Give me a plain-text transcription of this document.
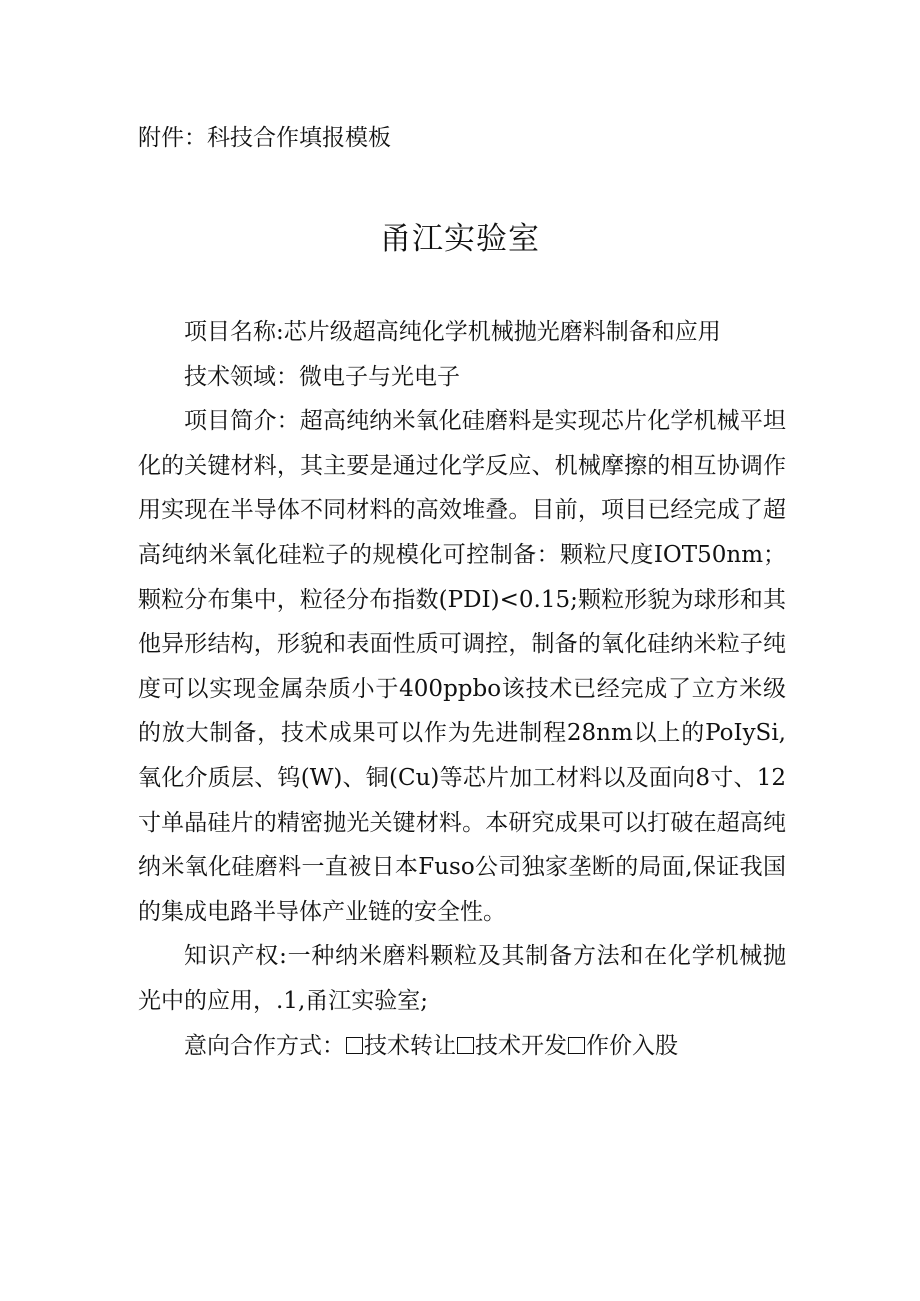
附件：科技合作填报模板
甬江实验室

项目名称:芯片级超高纯化学机械抛光磨料制备和应用

技术领域：微电子与光电子

项目简介：超高纯纳米氧化硅磨料是实现芯片化学机械平坦化的关键材料，其主要是通过化学反应、机械摩擦的相互协调作用实现在半导体不同材料的高效堆叠。目前，项目已经完成了超高纯纳米氧化硅粒子的规模化可控制备：颗粒尺度IOT50nm；颗粒分布集中，粒径分布指数(PDI)<0.15;颗粒形貌为球形和其他异形结构，形貌和表面性质可调控，制备的氧化硅纳米粒子纯度可以实现金属杂质小于400ppbo该技术已经完成了立方米级的放大制备，技术成果可以作为先进制程28nm以上的PoIySi,氧化介质层、钨(W)、铜(Cu)等芯片加工材料以及面向8寸、12寸单晶硅片的精密抛光关键材料。本研究成果可以打破在超高纯纳米氧化硅磨料一直被日本Fuso公司独家垄断的局面,保证我国的集成电路半导体产业链的安全性。

知识产权:一种纳米磨料颗粒及其制备方法和在化学机械抛光中的应用，.1,甬江实验室;

意向合作方式： 技术转让 技术开发 作价入股
